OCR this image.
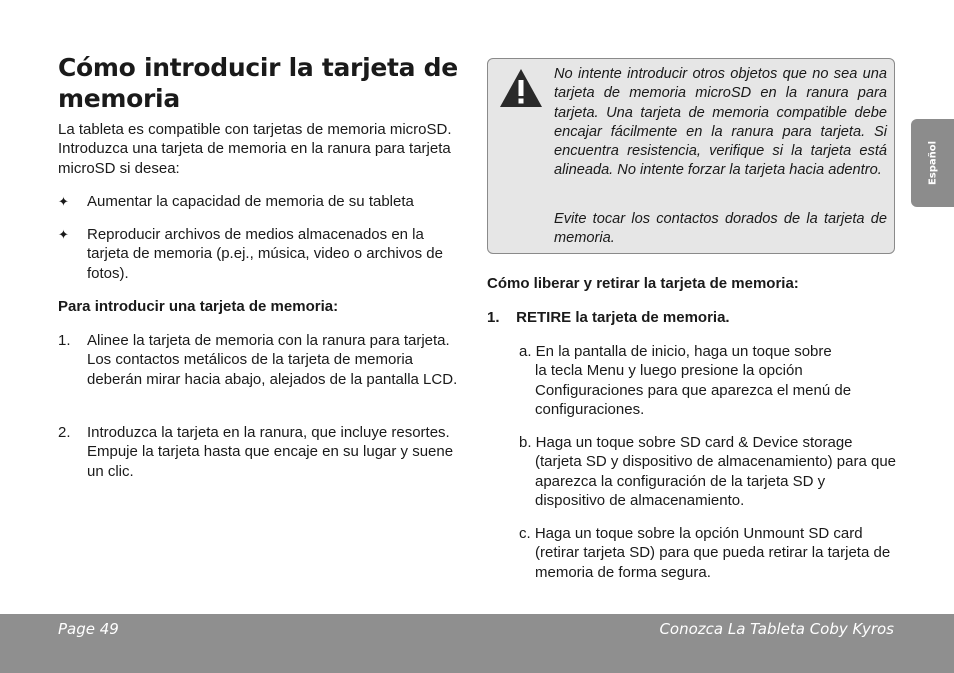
Cómo introducir la tarjeta de memoria

La tableta es compatible con tarjetas de memoria microSD. Introduzca una tarjeta de memoria en la ranura para tarjeta microSD si desea:

✦ Aumentar la capacidad de memoria de su tableta
✦ Reproducir archivos de medios almacenados en la tarjeta de memoria (p.ej., música, video o archivos de fotos).

Para introducir una tarjeta de memoria:

1. Alinee la tarjeta de memoria con la ranura para tarjeta. Los contactos metálicos de la tarjeta de memoria deberán mirar hacia abajo, alejados de la pantalla LCD.
2. Introduzca la tarjeta en la ranura, que incluye resortes. Empuje la tarjeta hasta que encaje en su lugar y suene un clic.

No intente introducir otros objetos que no sea una tarjeta de memoria microSD en la ranura para tarjeta. Una tarjeta de memoria compatible debe encajar fácilmente en la ranura para tarjeta. Si encuentra resistencia, verifique si la tarjeta está alineada. No intente forzar la tarjeta hacia adentro.

Evite tocar los contactos dorados de la tarjeta de memoria.

Cómo liberar y retirar la tarjeta de memoria:

1.    RETIRE la tarjeta de memoria.

a. En la pantalla de inicio, haga un toque sobre
la tecla Menu y luego presione la opción Configuraciones para que aparezca el menú de configuraciones.

b. Haga un toque sobre SD card & Device storage
(tarjeta SD y dispositivo de almacenamiento) para que aparezca la configuración de la tarjeta SD y dispositivo de almacenamiento.

c. Haga un toque sobre la opción Unmount SD card
(retirar tarjeta SD) para que pueda retirar la tarjeta de memoria de forma segura.

Español
Page 49	Conozca La Tableta Coby Kyros
